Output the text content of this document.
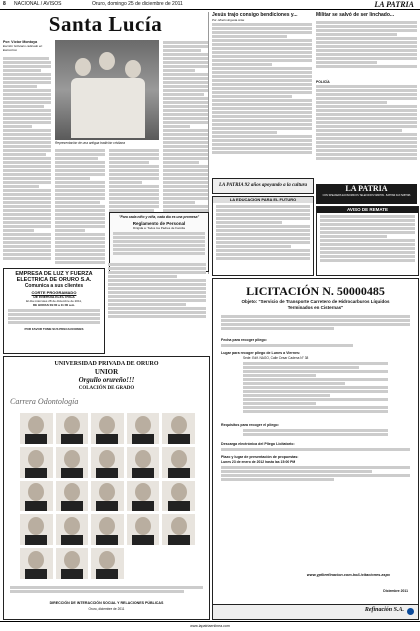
8 NACIONAL / AVISOS	Oruro, domingo 25 de diciembre de 2011	LA PATRIA
Santa Lucía
Por: Víctor Montoya
Escritor boliviano radicado en Estocolmo
Representación de una antigua tradición cristiana
"Para cada niño y niña, cada día es una promesa"
Reglamento de Personal
Dirigida a: Todos los Padres de Familia
EMPRESA DE LUZ Y FUERZA ELECTRICA DE ORURO S.A.
Comunica a sus clientes
CORTE PROGRAMADO
DE ENERGIA ELECTRICA
El día miércoles 28 de diciembre de 2011,
DE HORAS 09:00 a 11:00 a.m.
POR FAVOR TOME SUS PRECAUCIONES
Jesús trajo consigo bendiciones y...
Por: Alberto Ergueta Arias
Militar se salvó de ser linchado...
POLICÍA
LA PATRIA 92 años apoyando a la cultura	LA PATRIA
CON SPEAKERS ECONOMICOS TELEFONOS 5280799 - 5287990 FAX 5287996
LA EDUCACION PARA EL FUTURO
AVISO DE REMATE
LICITACIÓN N. 50000485
Objeto: "Servicio de Transporte Carretero de Hidrocarburos Líquidos Terminados en Cisternas"
Fecha para recoger pliego:
Lugar para recoger pliego de Lunes a Viernes:
Sede: Edif. NAGO, Calle Cesar Cadena N° 38
Requisitos para recoger el pliego:
Descarga electrónica del Pliego Licitatorio:
Plazo y lugar de presentación de propuestas:
Lunes 23 de enero de 2012 hasta las 15:00 PM
www.ypfbrefinacion.com.bo/Licitaciones.aspx
Diciembre 2011
Refinación S.A.
UNIVERSIDAD PRIVADA DE ORURO
UNIOR
Orgullo orureño!!!
COLACIÓN DE GRADO
Carrera Odontología
DIRECCIÓN DE INTERACCIÓN SOCIAL Y RELACIONES PÚBLICAS
Oruro, diciembre de 2011
www.lapatriaenlinea.com
